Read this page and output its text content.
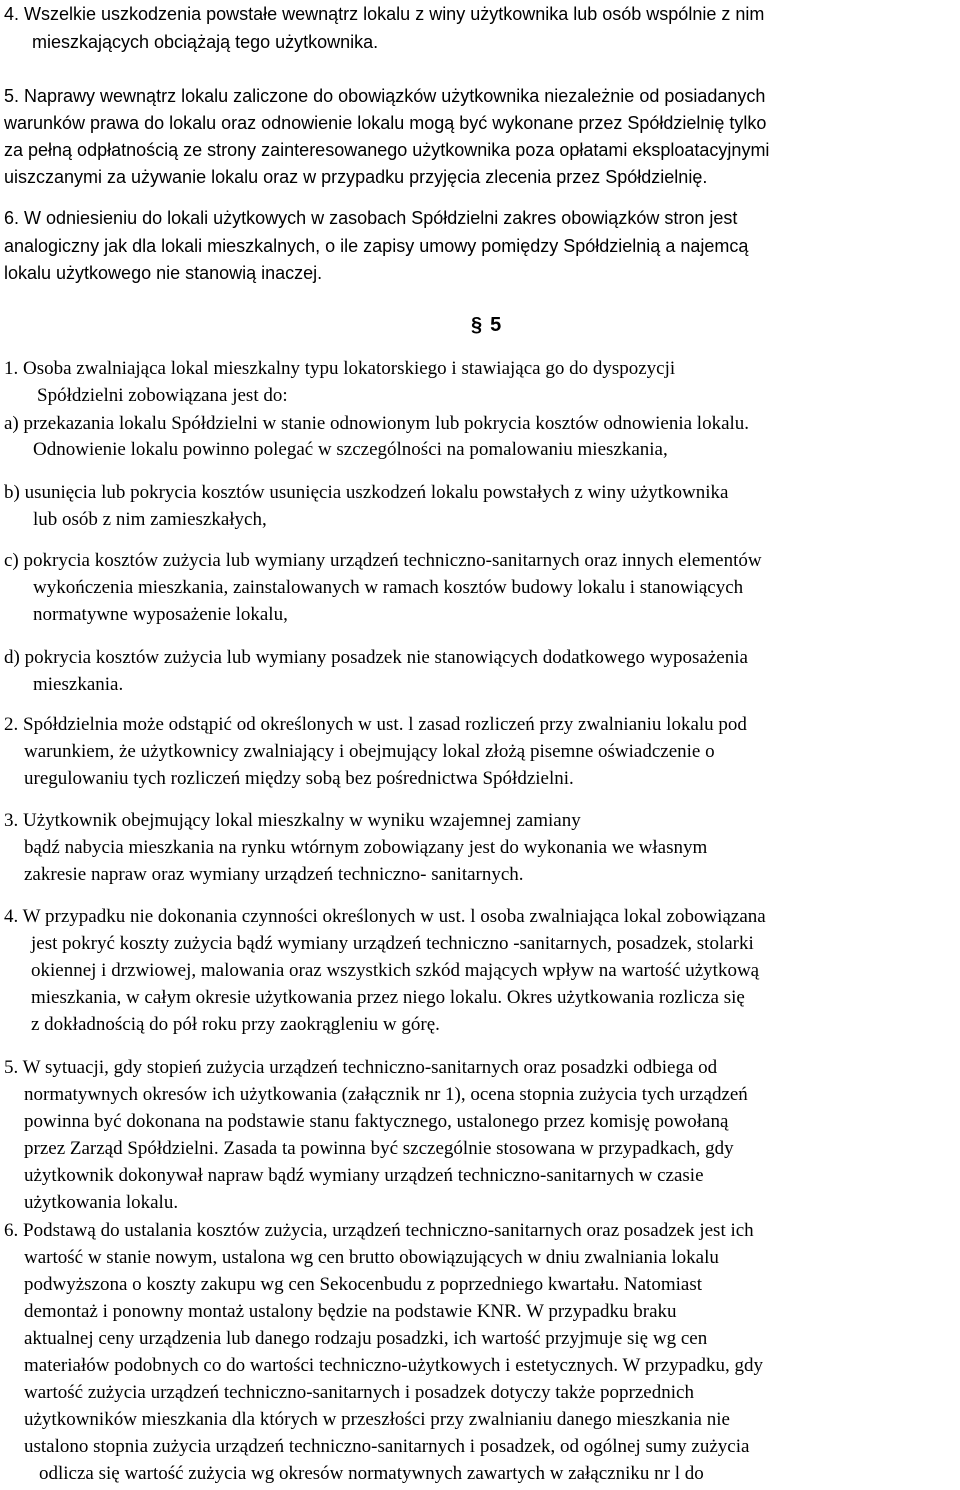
4. Wszelkie uszkodzenia powstałe wewnątrz lokalu z winy użytkownika lub osób wspólnie z nim

mieszkających obciążają tego użytkownika.

5. Naprawy wewnątrz lokalu zaliczone do obowiązków użytkownika niezależnie od posiadanych

warunków prawa do lokalu oraz odnowienie lokalu mogą być wykonane przez Spółdzielnię tylko

za pełną odpłatnością ze strony zainteresowanego użytkownika poza opłatami eksploatacyjnymi

uiszczanymi za używanie lokalu oraz w przypadku przyjęcia zlecenia przez Spółdzielnię.

6. W odniesieniu do lokali użytkowych w zasobach Spółdzielni zakres obowiązków stron jest

analogiczny jak dla lokali mieszkalnych, o ile zapisy umowy pomiędzy Spółdzielnią a najemcą

lokalu użytkowego nie stanowią inaczej.

§ 5

1. Osoba zwalniająca lokal mieszkalny typu lokatorskiego i stawiająca go do dyspozycji

Spółdzielni zobowiązana jest do:

a) przekazania lokalu Spółdzielni w stanie odnowionym lub pokrycia kosztów odnowienia lokalu.

Odnowienie lokalu powinno polegać w szczególności na pomalowaniu mieszkania,

b) usunięcia lub pokrycia kosztów usunięcia uszkodzeń lokalu powstałych z winy użytkownika

lub osób z nim zamieszkałych,

c) pokrycia kosztów zużycia lub wymiany urządzeń techniczno-sanitarnych oraz innych elementów

wykończenia mieszkania, zainstalowanych w ramach kosztów budowy lokalu i stanowiących

normatywne wyposażenie lokalu,

d) pokrycia kosztów zużycia lub wymiany posadzek nie stanowiących dodatkowego wyposażenia

mieszkania.

2. Spółdzielnia może odstąpić od określonych w ust. l zasad rozliczeń przy zwalnianiu lokalu pod

warunkiem, że użytkownicy zwalniający i obejmujący lokal złożą pisemne oświadczenie o

uregulowaniu tych rozliczeń między sobą bez pośrednictwa Spółdzielni.

3. Użytkownik obejmujący lokal mieszkalny w wyniku wzajemnej zamiany

bądź nabycia mieszkania na rynku wtórnym zobowiązany jest do wykonania we własnym

zakresie napraw oraz wymiany urządzeń techniczno- sanitarnych.

4. W przypadku nie dokonania czynności określonych w ust. l osoba zwalniająca lokal zobowiązana

jest pokryć koszty zużycia bądź wymiany urządzeń techniczno -sanitarnych, posadzek, stolarki

okiennej i drzwiowej, malowania oraz wszystkich szkód mających wpływ na wartość użytkową

mieszkania, w całym okresie użytkowania przez niego lokalu. Okres użytkowania rozlicza się

z dokładnością do pół roku przy zaokrągleniu w górę.

5. W sytuacji, gdy stopień zużycia urządzeń techniczno-sanitarnych oraz posadzki odbiega od

normatywnych okresów ich użytkowania (załącznik nr 1), ocena stopnia zużycia tych urządzeń

powinna być dokonana na podstawie stanu faktycznego, ustalonego przez komisję powołaną

przez Zarząd Spółdzielni. Zasada ta powinna być szczególnie stosowana w przypadkach, gdy

użytkownik dokonywał napraw bądź wymiany urządzeń techniczno-sanitarnych w czasie

użytkowania lokalu.

6. Podstawą do ustalania kosztów zużycia, urządzeń techniczno-sanitarnych oraz posadzek jest ich

wartość w stanie nowym, ustalona wg cen brutto obowiązujących w dniu zwalniania lokalu

podwyższona o koszty zakupu wg cen Sekocenbudu z poprzedniego kwartału. Natomiast

demontaż i ponowny montaż ustalony będzie na podstawie KNR. W przypadku braku

aktualnej ceny urządzenia lub danego rodzaju posadzki, ich wartość przyjmuje się wg cen

materiałów podobnych co do wartości techniczno-użytkowych i estetycznych. W przypadku, gdy

wartość zużycia urządzeń techniczno-sanitarnych i posadzek dotyczy także poprzednich

użytkowników mieszkania dla których w przeszłości przy zwalnianiu danego mieszkania nie

ustalono stopnia zużycia urządzeń techniczno-sanitarnych i posadzek, od ogólnej sumy zużycia

odlicza się wartość zużycia wg okresów normatywnych zawartych w załączniku nr l do
